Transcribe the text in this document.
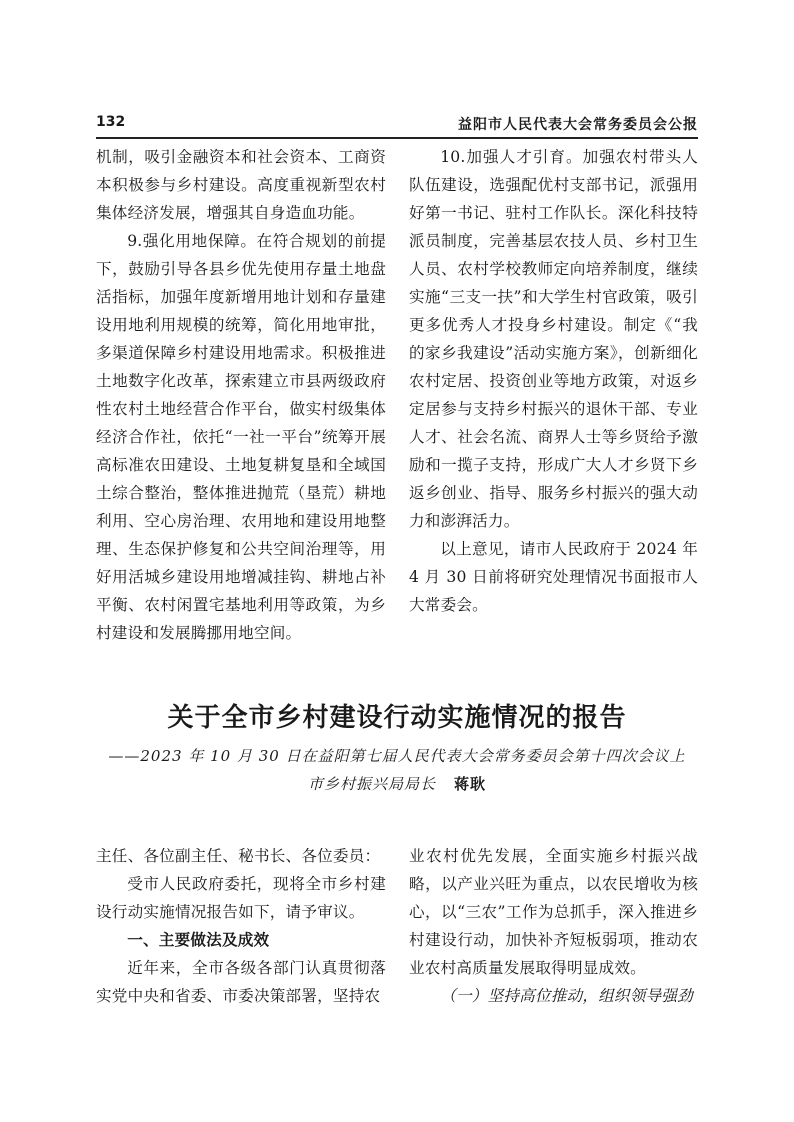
132	益阳市人民代表大会常务委员会公报

机制，吸引金融资本和社会资本、工商资本积极参与乡村建设。高度重视新型农村集体经济发展，增强其自身造血功能。

9.强化用地保障。在符合规划的前提下，鼓励引导各县乡优先使用存量土地盘活指标，加强年度新增用地计划和存量建设用地利用规模的统筹，简化用地审批，多渠道保障乡村建设用地需求。积极推进土地数字化改革，探索建立市县两级政府性农村土地经营合作平台，做实村级集体经济合作社，依托“一社一平台”统筹开展高标准农田建设、土地复耕复垦和全域国土综合整治，整体推进抛荒（垦荒）耕地利用、空心房治理、农用地和建设用地整理、生态保护修复和公共空间治理等，用好用活城乡建设用地增减挂钩、耕地占补平衡、农村闲置宅基地利用等政策，为乡村建设和发展腾挪用地空间。

10.加强人才引育。加强农村带头人队伍建设，选强配优村支部书记，派强用好第一书记、驻村工作队长。深化科技特派员制度，完善基层农技人员、乡村卫生人员、农村学校教师定向培养制度，继续实施“三支一扶”和大学生村官政策，吸引更多优秀人才投身乡村建设。制定《“我的家乡我建设”活动实施方案》，创新细化农村定居、投资创业等地方政策，对返乡定居参与支持乡村振兴的退休干部、专业人才、社会名流、商界人士等乡贤给予激励和一揽子支持，形成广大人才乡贤下乡返乡创业、指导、服务乡村振兴的强大动力和澎湃活力。

以上意见，请市人民政府于 2024 年 4 月 30 日前将研究处理情况书面报市人大常委会。

关于全市乡村建设行动实施情况的报告
——2023 年 10 月 30 日在益阳第七届人民代表大会常务委员会第十四次会议上
市乡村振兴局局长 蒋耿

主任、各位副主任、秘书长、各位委员：

受市人民政府委托，现将全市乡村建设行动实施情况报告如下，请予审议。

一、主要做法及成效

近年来，全市各级各部门认真贯彻落实党中央和省委、市委决策部署，坚持农

业农村优先发展，全面实施乡村振兴战略，以产业兴旺为重点，以农民增收为核心，以“三农”工作为总抓手，深入推进乡村建设行动，加快补齐短板弱项，推动农业农村高质量发展取得明显成效。

（一）坚持高位推动，组织领导强劲
